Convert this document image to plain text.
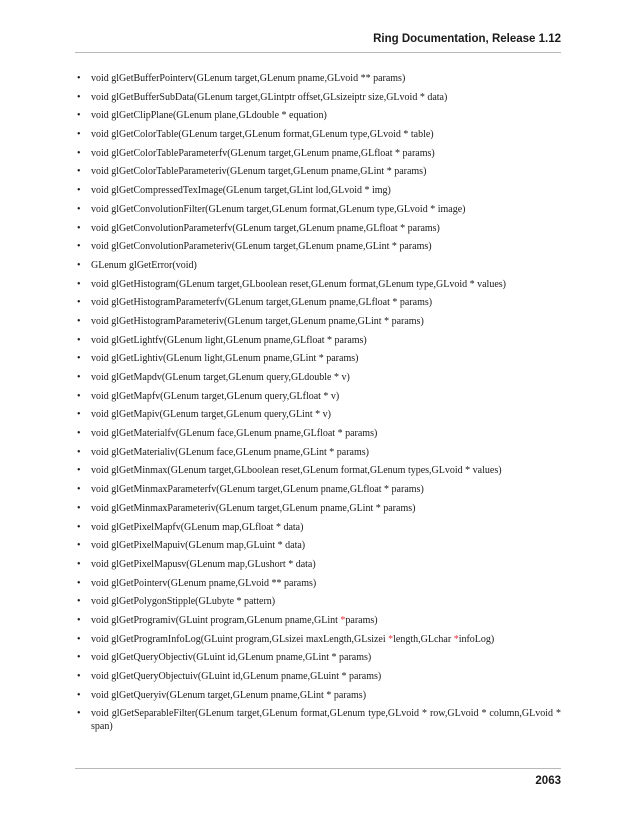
Ring Documentation, Release 1.12
• void glGetBufferPointerv(GLenum target,GLenum pname,GLvoid ** params)
• void glGetBufferSubData(GLenum target,GLintptr offset,GLsizeiptr size,GLvoid * data)
• void glGetClipPlane(GLenum plane,GLdouble * equation)
• void glGetColorTable(GLenum target,GLenum format,GLenum type,GLvoid * table)
• void glGetColorTableParameterfv(GLenum target,GLenum pname,GLfloat * params)
• void glGetColorTableParameteriv(GLenum target,GLenum pname,GLint * params)
• void glGetCompressedTexImage(GLenum target,GLint lod,GLvoid * img)
• void glGetConvolutionFilter(GLenum target,GLenum format,GLenum type,GLvoid * image)
• void glGetConvolutionParameterfv(GLenum target,GLenum pname,GLfloat * params)
• void glGetConvolutionParameteriv(GLenum target,GLenum pname,GLint * params)
• GLenum glGetError(void)
• void glGetHistogram(GLenum target,GLboolean reset,GLenum format,GLenum type,GLvoid * values)
• void glGetHistogramParameterfv(GLenum target,GLenum pname,GLfloat * params)
• void glGetHistogramParameteriv(GLenum target,GLenum pname,GLint * params)
• void glGetLightfv(GLenum light,GLenum pname,GLfloat * params)
• void glGetLightiv(GLenum light,GLenum pname,GLint * params)
• void glGetMapdv(GLenum target,GLenum query,GLdouble * v)
• void glGetMapfv(GLenum target,GLenum query,GLfloat * v)
• void glGetMapiv(GLenum target,GLenum query,GLint * v)
• void glGetMaterialfv(GLenum face,GLenum pname,GLfloat * params)
• void glGetMaterialiv(GLenum face,GLenum pname,GLint * params)
• void glGetMinmax(GLenum target,GLboolean reset,GLenum format,GLenum types,GLvoid * values)
• void glGetMinmaxParameterfv(GLenum target,GLenum pname,GLfloat * params)
• void glGetMinmaxParameteriv(GLenum target,GLenum pname,GLint * params)
• void glGetPixelMapfv(GLenum map,GLfloat * data)
• void glGetPixelMapuiv(GLenum map,GLuint * data)
• void glGetPixelMapusv(GLenum map,GLushort * data)
• void glGetPointerv(GLenum pname,GLvoid ** params)
• void glGetPolygonStipple(GLubyte * pattern)
• void glGetProgramiv(GLuint program,GLenum pname,GLint *params)
• void glGetProgramInfoLog(GLuint program,GLsizei maxLength,GLsizei *length,GLchar *infoLog)
• void glGetQueryObjectiv(GLuint id,GLenum pname,GLint * params)
• void glGetQueryObjectuiv(GLuint id,GLenum pname,GLuint * params)
• void glGetQueryiv(GLenum target,GLenum pname,GLint * params)
• void glGetSeparableFilter(GLenum target,GLenum format,GLenum type,GLvoid * row,GLvoid * column,GLvoid * span)
2063
